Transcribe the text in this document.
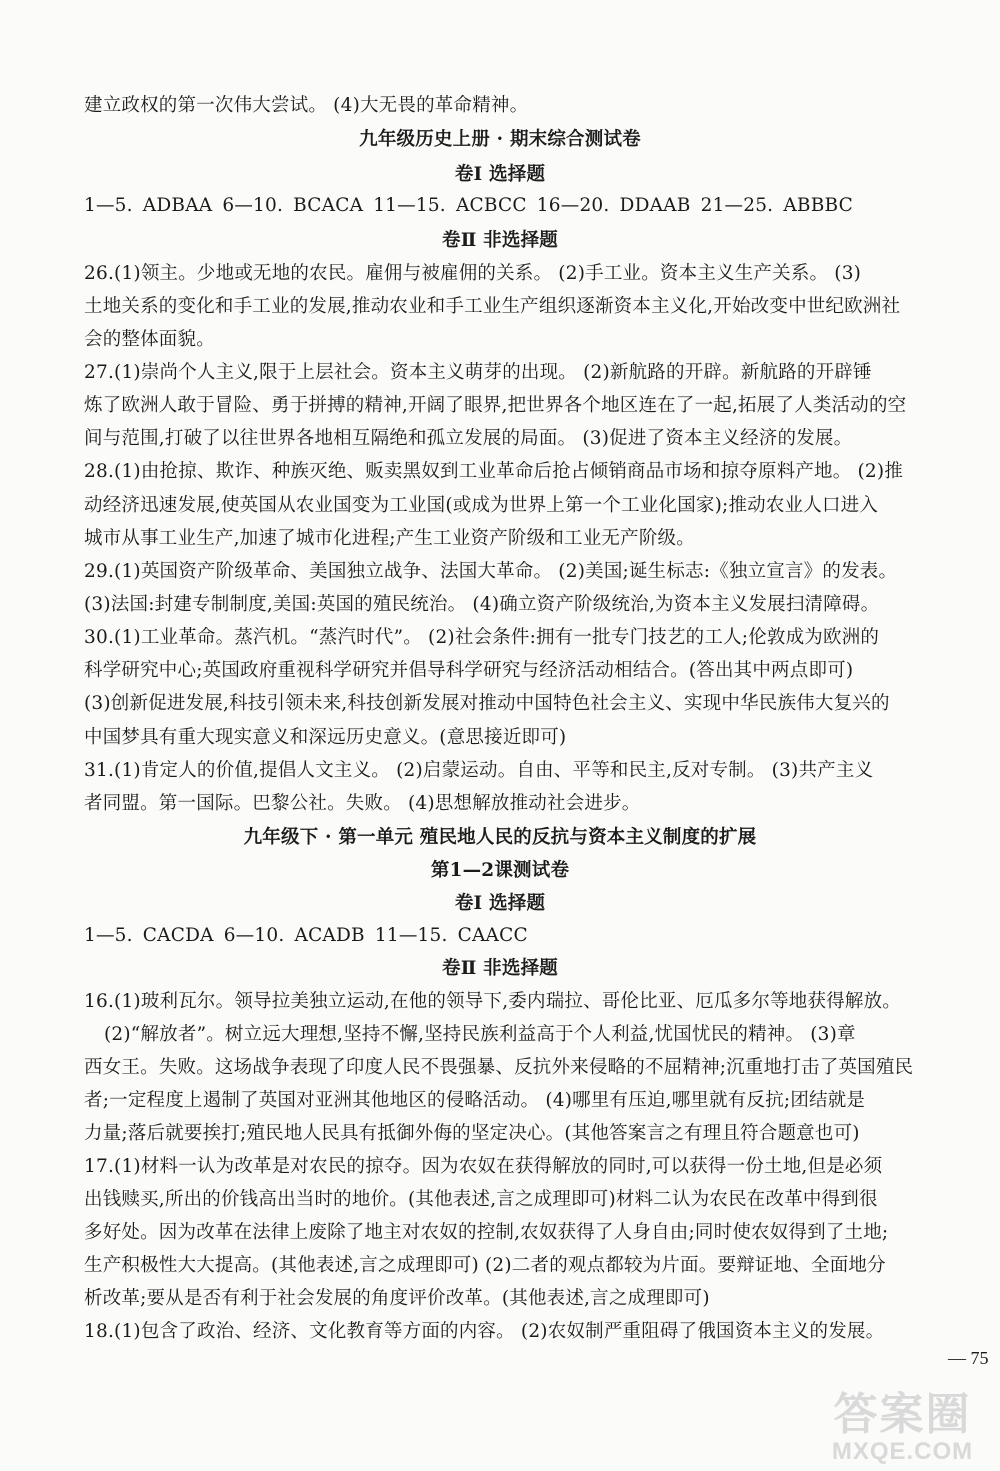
建立政权的第一次伟大尝试。 (4)大无畏的革命精神。
九年级历史上册 · 期末综合测试卷
卷Ⅰ 选择题
1—5. ADBAA 6—10. BCACA 11—15. ACBCC 16—20. DDAAB 21—25. ABBBC
卷Ⅱ 非选择题
26.(1)领主。少地或无地的农民。雇佣与被雇佣的关系。 (2)手工业。资本主义生产关系。 (3)
土地关系的变化和手工业的发展,推动农业和手工业生产组织逐渐资本主义化,开始改变中世纪欧洲社
会的整体面貌。
27.(1)崇尚个人主义,限于上层社会。资本主义萌芽的出现。 (2)新航路的开辟。新航路的开辟锤
炼了欧洲人敢于冒险、勇于拼搏的精神,开阔了眼界,把世界各个地区连在了一起,拓展了人类活动的空
间与范围,打破了以往世界各地相互隔绝和孤立发展的局面。 (3)促进了资本主义经济的发展。
28.(1)由抢掠、欺诈、种族灭绝、贩卖黑奴到工业革命后抢占倾销商品市场和掠夺原料产地。 (2)推
动经济迅速发展,使英国从农业国变为工业国(或成为世界上第一个工业化国家);推动农业人口进入
城市从事工业生产,加速了城市化进程;产生工业资产阶级和工业无产阶级。
29.(1)英国资产阶级革命、美国独立战争、法国大革命。 (2)美国;诞生标志:《独立宣言》的发表。
(3)法国:封建专制制度,美国:英国的殖民统治。 (4)确立资产阶级统治,为资本主义发展扫清障碍。
30.(1)工业革命。蒸汽机。“蒸汽时代”。 (2)社会条件:拥有一批专门技艺的工人;伦敦成为欧洲的
科学研究中心;英国政府重视科学研究并倡导科学研究与经济活动相结合。(答出其中两点即可)
(3)创新促进发展,科技引领未来,科技创新发展对推动中国特色社会主义、实现中华民族伟大复兴的
中国梦具有重大现实意义和深远历史意义。(意思接近即可)
31.(1)肯定人的价值,提倡人文主义。 (2)启蒙运动。自由、平等和民主,反对专制。 (3)共产主义
者同盟。第一国际。巴黎公社。失败。 (4)思想解放推动社会进步。
九年级下 · 第一单元 殖民地人民的反抗与资本主义制度的扩展
第1—2课测试卷
卷Ⅰ 选择题
1—5. CACDA 6—10. ACADB 11—15. CAACC
卷Ⅱ 非选择题
16.(1)玻利瓦尔。领导拉美独立运动,在他的领导下,委内瑞拉、哥伦比亚、厄瓜多尔等地获得解放。
(2)“解放者”。树立远大理想,坚持不懈,坚持民族利益高于个人利益,忧国忧民的精神。 (3)章
西女王。失败。这场战争表现了印度人民不畏强暴、反抗外来侵略的不屈精神;沉重地打击了英国殖民
者;一定程度上遏制了英国对亚洲其他地区的侵略活动。 (4)哪里有压迫,哪里就有反抗;团结就是
力量;落后就要挨打;殖民地人民具有抵御外侮的坚定决心。(其他答案言之有理且符合题意也可)
17.(1)材料一认为改革是对农民的掠夺。因为农奴在获得解放的同时,可以获得一份土地,但是必须
出钱赎买,所出的价钱高出当时的地价。(其他表述,言之成理即可)材料二认为农民在改革中得到很
多好处。因为改革在法律上废除了地主对农奴的控制,农奴获得了人身自由;同时使农奴得到了土地;
生产积极性大大提高。(其他表述,言之成理即可) (2)二者的观点都较为片面。要辩证地、全面地分
析改革;要从是否有利于社会发展的角度评价改革。(其他表述,言之成理即可)
18.(1)包含了政治、经济、文化教育等方面的内容。 (2)农奴制严重阻碍了俄国资本主义的发展。
— 75
答案圈
MXQE.COM
